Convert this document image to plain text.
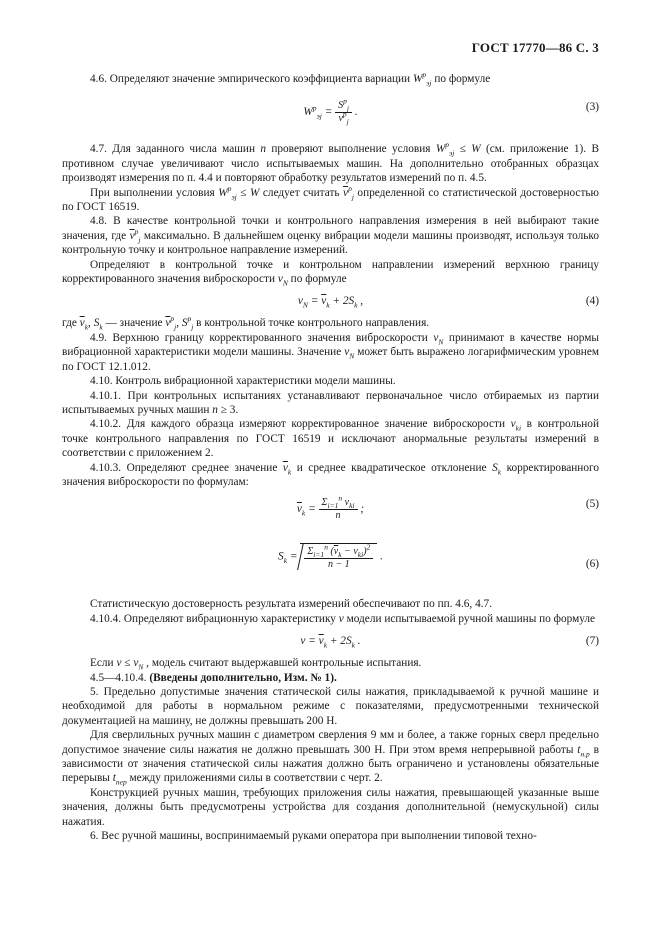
ГОСТ 17770—86 С. 3

4.6. Определяют значение эмпирического коэффициента вариации $W^p_{эj}$ по формуле

$W^p_{эj} = \frac{S^p_j}{v^p_j}$ .	(3)

4.7. Для заданного числа машин n проверяют выполнение условия $W^p_{эj} \le W$ (см. приложение 1). В противном случае увеличивают число испытываемых машин. На дополнительно отобранных образцах производят измерения по п. 4.4 и повторяют обработку результатов измерений по п. 4.5.

При выполнении условия $W^p_{эj} \le W$ следует считать $\overline{v}^p_j$ определенной со статистической достоверностью по ГОСТ 16519.

4.8. В качестве контрольной точки и контрольного направления измерения в ней выбирают такие значения, где $\overline{v}^p_j$ максимально. В дальнейшем оценку вибрации модели машины производят, используя только контрольную точку и контрольное направление измерений.

Определяют в контрольной точке и контрольном направлении измерений верхнюю границу корректированного значения виброскорости $v_N$ по формуле

$v_N = \overline{v}_k + 2S_k$ ,	(4)

где $\overline{v}_k$, $S_k$ — значение $\overline{v}^p_j$, $S^p_j$ в контрольной точке контрольного направления.

4.9. Верхнюю границу корректированного значения виброскорости $v_N$ принимают в качестве нормы вибрационной характеристики модели машины. Значение $v_N$ может быть выражено логарифмическим уровнем по ГОСТ 12.1.012.

4.10. Контроль вибрационной характеристики модели машины.

4.10.1. При контрольных испытаниях устанавливают первоначальное число отбираемых из партии испытываемых ручных машин n ≥ 3.

4.10.2. Для каждого образца измеряют корректированное значение виброскорости $v_{ki}$ в контрольной точке контрольного направления по ГОСТ 16519 и исключают анормальные результаты измерений в соответствии с приложением 2.

4.10.3. Определяют среднее значение $\overline{v}_k$ и среднее квадратическое отклонение $S_k$ корректированного значения виброскорости по формулам:

$\overline{v}_k = \frac{\Sigma_{i=1}^n v_{ki}}{n}$ ;	(5)
$S_k = \frac{\Sigma_{i=1}^n (\overline{v}_k - v_{ki})^2}{n - 1}$ .
(6)

Статистическую достоверность результата измерений обеспечивают по пп. 4.6, 4.7.

4.10.4. Определяют вибрационную характеристику v модели испытываемой ручной машины по формуле

$v = \overline{v}_k + 2S_k$ .	(7)

Если $v \le v_N$ , модель считают выдержавшей контрольные испытания.

4.5—4.10.4. (Введены дополнительно, Изм. № 1).

5. Предельно допустимые значения статической силы нажатия, прикладываемой к ручной машине и необходимой для работы в нормальном режиме с показателями, предусмотренными технической документацией на машину, не должны превышать 200 Н.

Для сверлильных ручных машин с диаметром сверления 9 мм и более, а также горных сверл предельно допустимое значение силы нажатия не должно превышать 300 Н. При этом время непрерывной работы $t_{н.р}$ в зависимости от значения статической силы нажатия должно быть ограничено и установлены обязательные перерывы $t_{пер}$ между приложениями силы в соответствии с черт. 2.

Конструкцией ручных машин, требующих приложения силы нажатия, превышающей указанные выше значения, должны быть предусмотрены устройства для создания дополнительной (немускульной) силы нажатия.

6. Вес ручной машины, воспринимаемый руками оператора при выполнении типовой техно-
